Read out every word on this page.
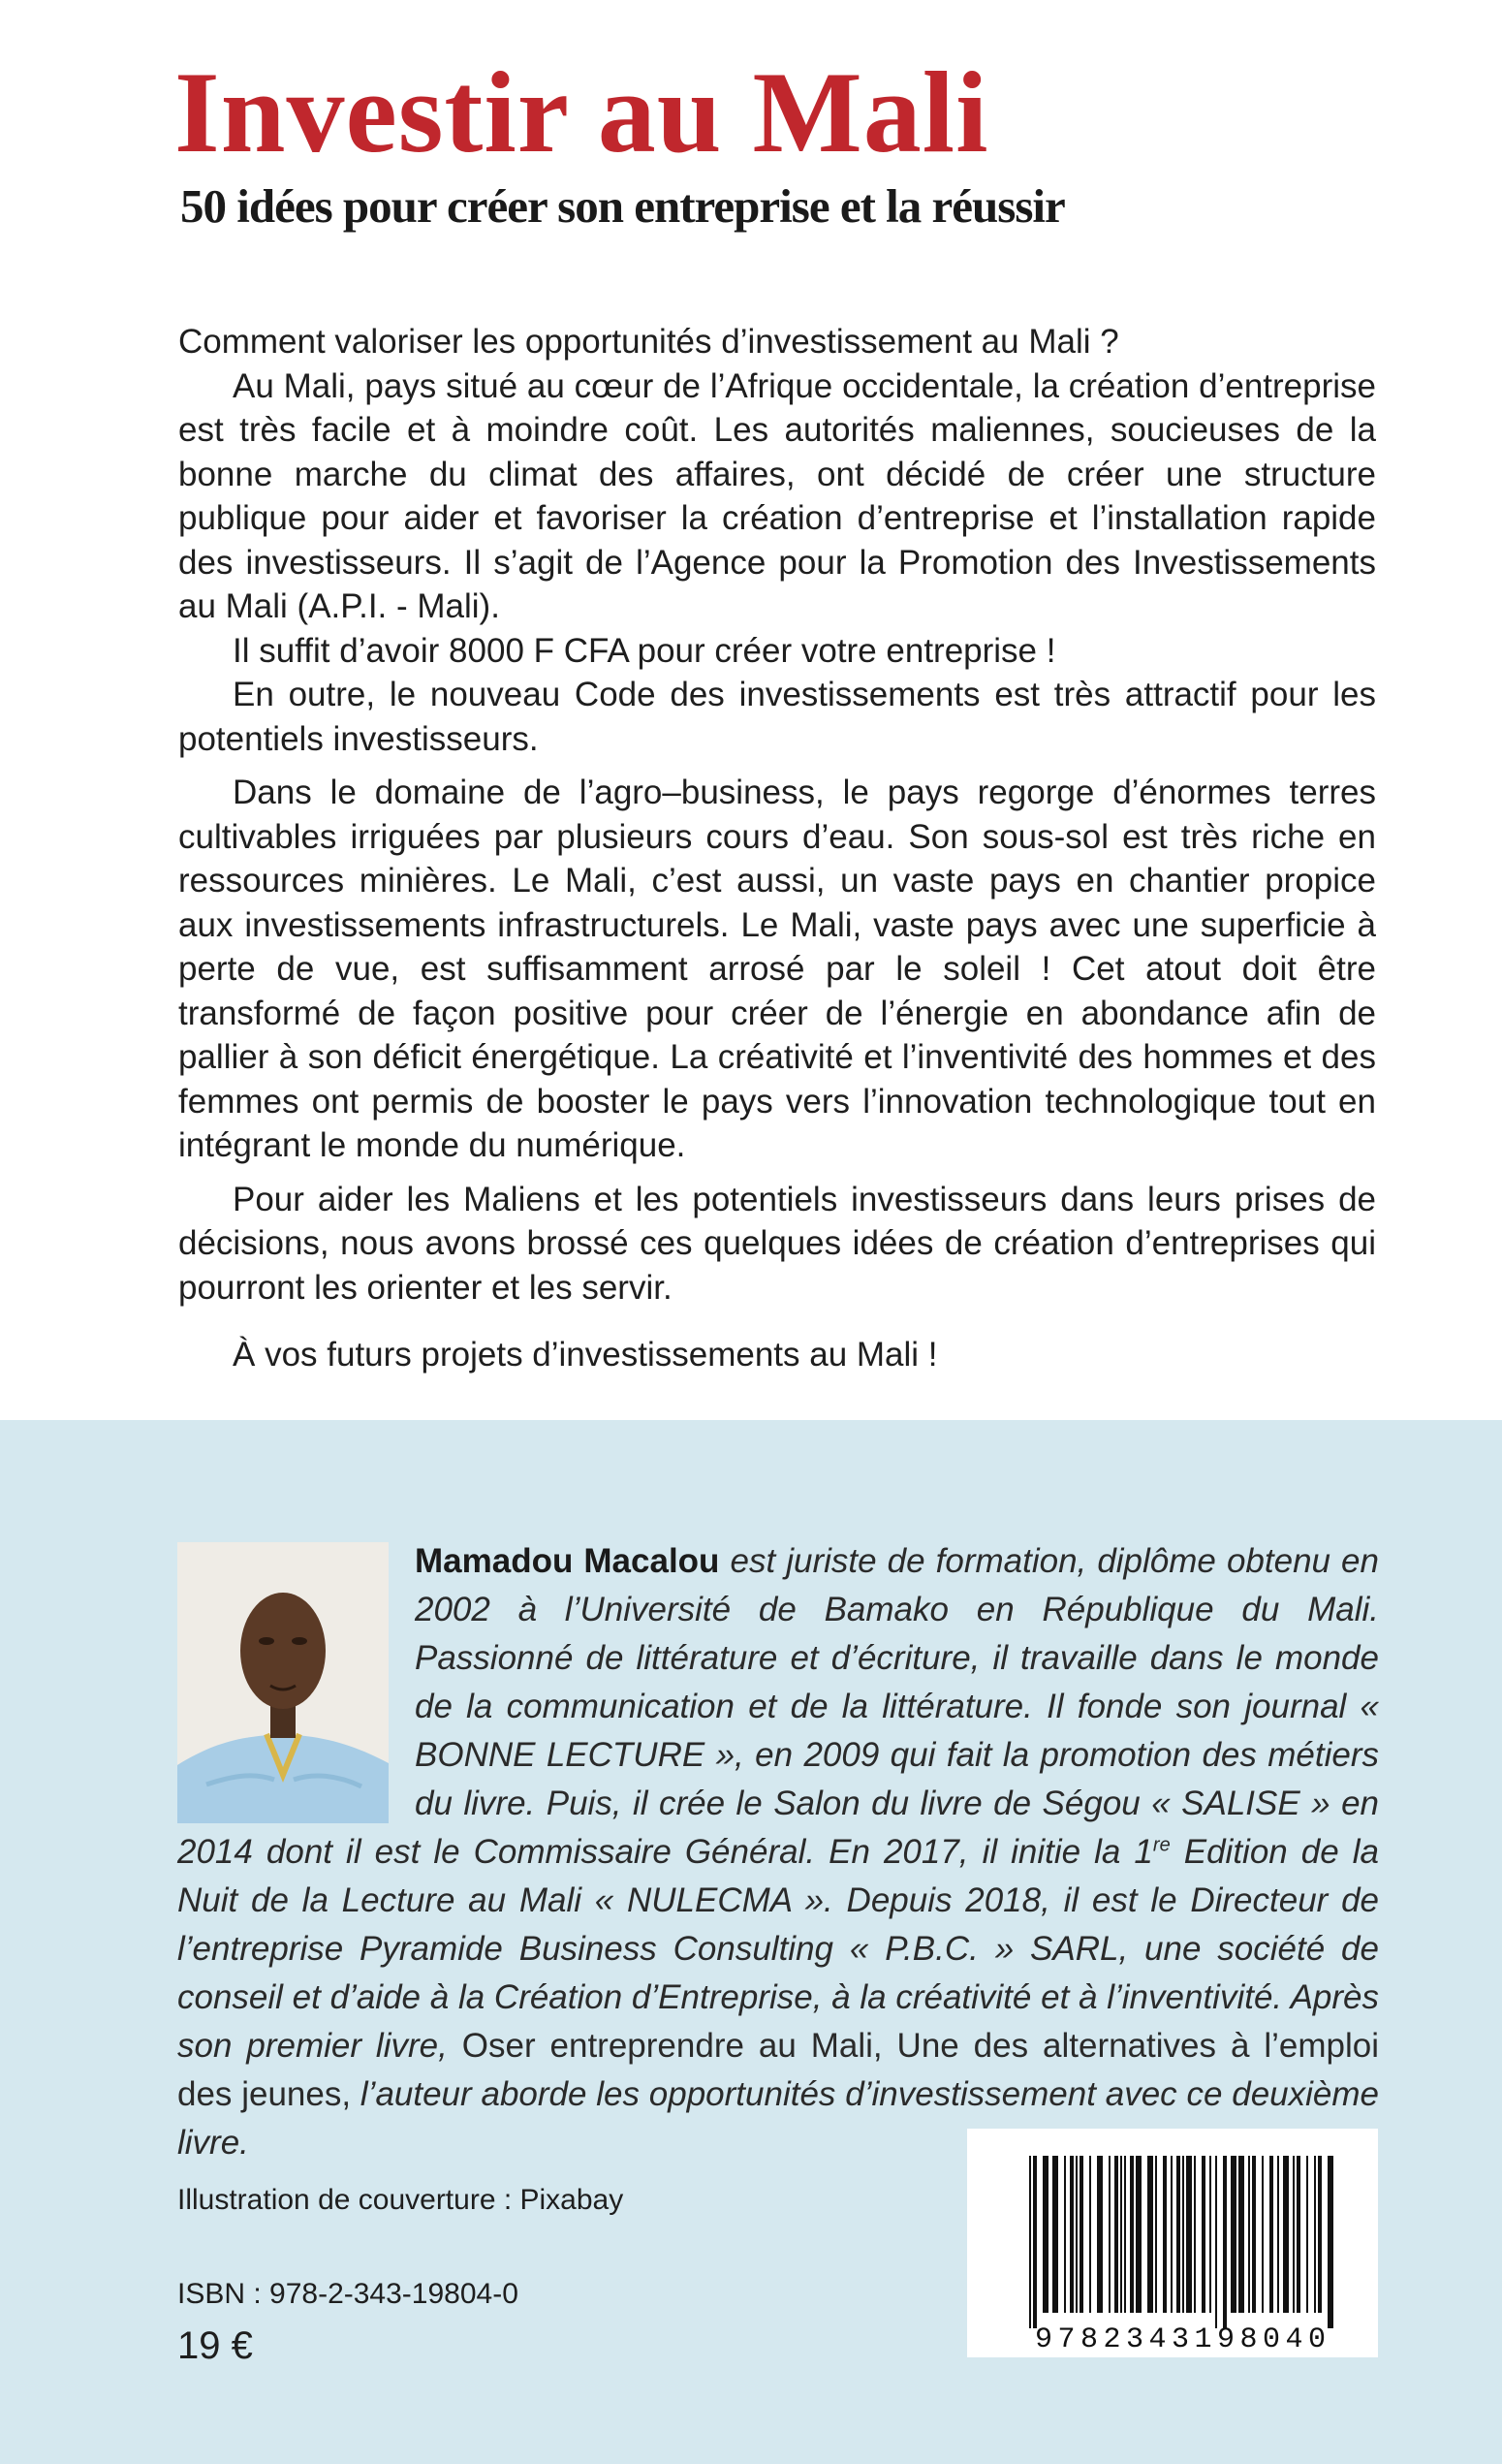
Investir au Mali
50 idées pour créer son entreprise et la réussir

Comment valoriser les opportunités d’investissement au Mali ?

Au Mali, pays situé au cœur de l’Afrique occidentale, la création d’entreprise est très facile et à moindre coût. Les autorités maliennes, soucieuses de la bonne marche du climat des affaires, ont décidé de créer une structure publique pour aider et favoriser la création d’entreprise et l’installation rapide des investisseurs. Il s’agit de l’Agence pour la Promotion des Investissements au Mali (A.P.I. - Mali).

Il suffit d’avoir 8000 F CFA pour créer votre entreprise !

En outre, le nouveau Code des investissements est très attractif pour les potentiels investisseurs.

Dans le domaine de l’agro–business, le pays regorge d’énormes terres cultivables irriguées par plusieurs cours d’eau. Son sous-sol est très riche en ressources minières. Le Mali, c’est aussi, un vaste pays en chantier propice aux investissements infrastructurels. Le Mali, vaste pays avec une superficie à perte de vue, est suffisamment arrosé par le soleil ! Cet atout doit être transformé de façon positive pour créer de l’énergie en abondance afin de pallier à son déficit énergétique. La créativité et l’inventivité des hommes et des femmes ont permis de booster le pays vers l’innovation technologique tout en intégrant le monde du numérique.

Pour aider les Maliens et les potentiels investisseurs dans leurs prises de décisions, nous avons brossé ces quelques idées de création d’entreprises qui pourront les orienter et les servir.

À vos futurs projets d’investissements au Mali !

Mamadou Macalou est juriste de formation, diplôme obtenu en 2002 à l’Université de Bamako en République du Mali. Passionné de littérature et d’écriture, il travaille dans le monde de la communication et de la littérature. Il fonde son journal « BONNE LECTURE », en 2009 qui fait la promotion des métiers du livre. Puis, il crée le Salon du livre de Ségou « SALISE » en 2014 dont il est le Commissaire Général. En 2017, il initie la 1re Edition de la Nuit de la Lecture au Mali « NULECMA ». Depuis 2018, il est le Directeur de l’entreprise Pyramide Business Consulting « P.B.C. » SARL, une société de conseil et d’aide à la Création d’Entreprise, à la créativité et à l’inventivité. Après son premier livre, Oser entreprendre au Mali, Une des alternatives à l’emploi des jeunes, l’auteur aborde les opportunités d’investissement avec ce deuxième livre.
Illustration de couverture : Pixabay
ISBN : 978-2-343-19804-0
19 €	9782343198040
